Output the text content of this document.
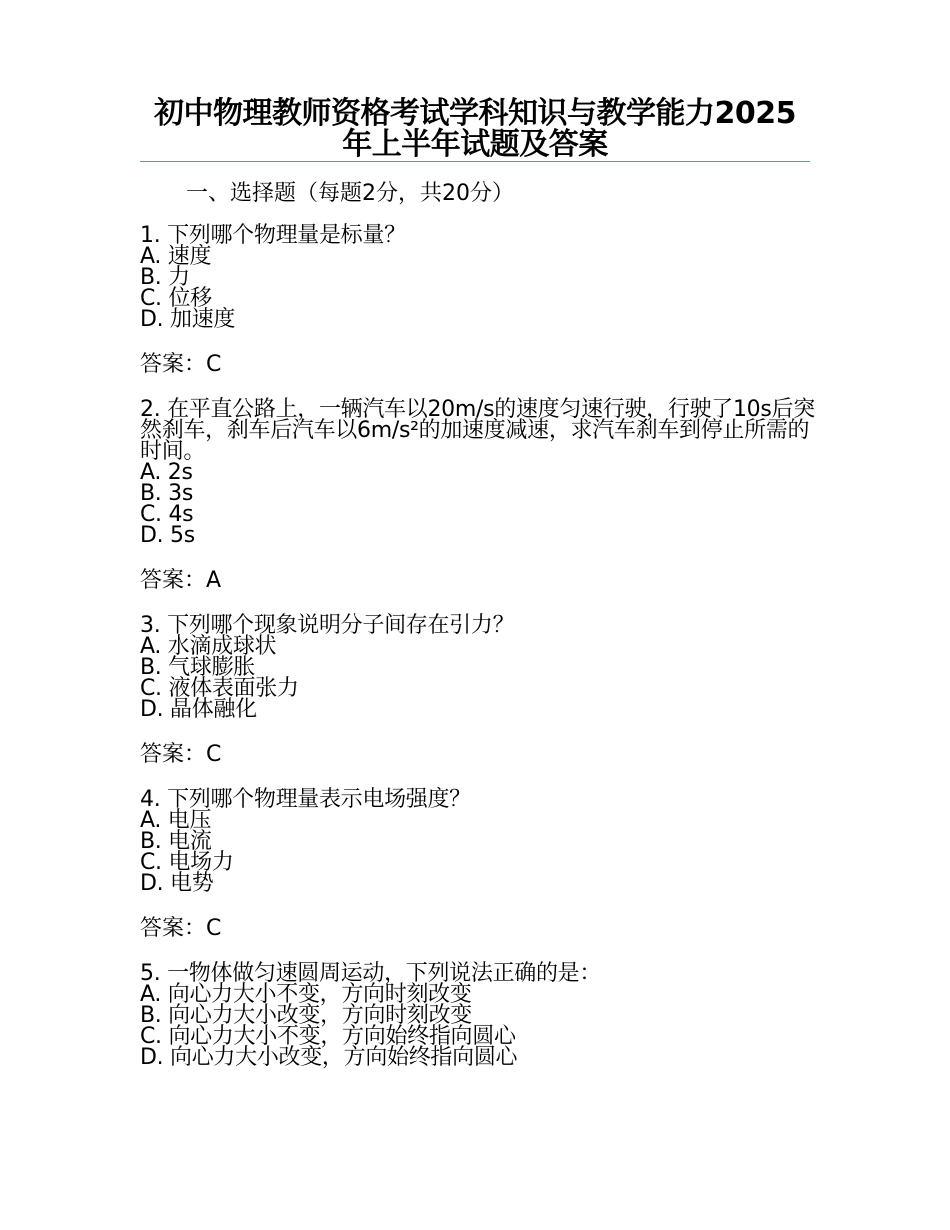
初中物理教师资格考试学科知识与教学能力2025年上半年试题及答案
一、选择题（每题2分，共20分）
1. 下列哪个物理量是标量？
A. 速度
B. 力
C. 位移
D. 加速度
答案：C
2. 在平直公路上，一辆汽车以20m/s的速度匀速行驶，行驶了10s后突然刹车，刹车后汽车以6m/s²的加速度减速，求汽车刹车到停止所需的时间。
A. 2s
B. 3s
C. 4s
D. 5s
答案：A
3. 下列哪个现象说明分子间存在引力？
A. 水滴成球状
B. 气球膨胀
C. 液体表面张力
D. 晶体融化
答案：C
4. 下列哪个物理量表示电场强度？
A. 电压
B. 电流
C. 电场力
D. 电势
答案：C
5. 一物体做匀速圆周运动，下列说法正确的是：
A. 向心力大小不变，方向时刻改变
B. 向心力大小改变，方向时刻改变
C. 向心力大小不变，方向始终指向圆心
D. 向心力大小改变，方向始终指向圆心
